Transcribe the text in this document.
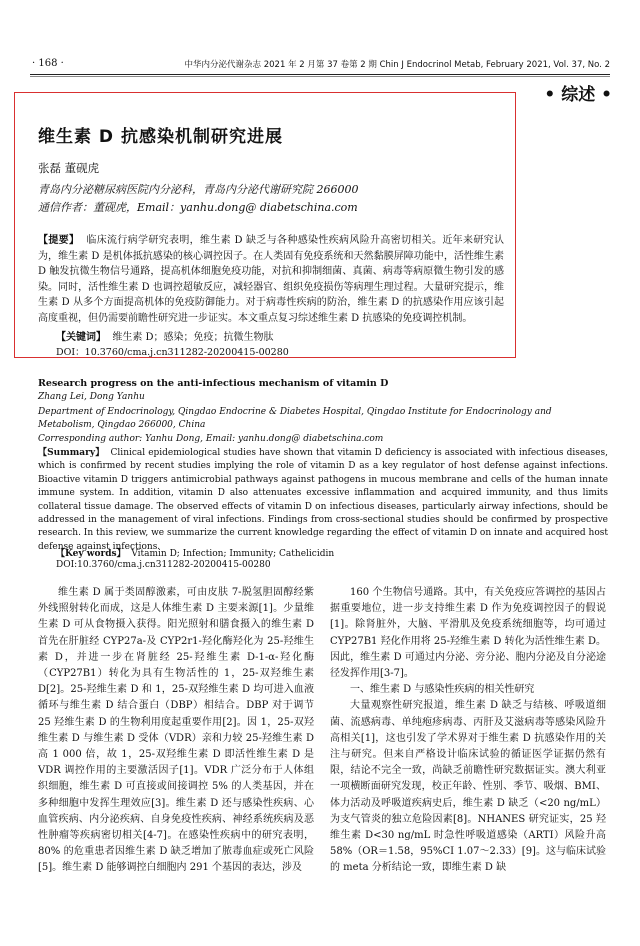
· 168 ·	中华内分泌代谢杂志 2021 年 2 月第 37 卷第 2 期 Chin J Endocrinol Metab, February 2021, Vol. 37, No. 2
• 综述 •
维生素 D 抗感染机制研究进展
张磊 董砚虎
青岛内分泌糖尿病医院内分泌科，青岛内分泌代谢研究院 266000
通信作者：董砚虎，Email：yanhu.dong@ diabetschina.com
【提要】 临床流行病学研究表明，维生素 D 缺乏与各种感染性疾病风险升高密切相关。近年来研究认为，维生素 D 是机体抵抗感染的核心调控因子。在人类固有免疫系统和天然黏膜屏障功能中，活性维生素 D 触发抗微生物信号通路，提高机体细胞免疫功能，对抗和抑制细菌、真菌、病毒等病原微生物引发的感染。同时，活性维生素 D 也调控超敏反应，减轻器官、组织免疫损伤等病理生理过程。大量研究提示，维生素 D 从多个方面提高机体的免疫防御能力。对于病毒性疾病的防治，维生素 D 的抗感染作用应该引起高度重视，但仍需要前瞻性研究进一步证实。本文重点复习综述维生素 D 抗感染的免疫调控机制。
【关键词】 维生素 D；感染；免疫；抗微生物肽
DOI：10.3760/cma.j.cn311282-20200415-00280
Research progress on the anti-infectious mechanism of vitamin D
Zhang Lei, Dong Yanhu
Department of Endocrinology, Qingdao Endocrine & Diabetes Hospital, Qingdao Institute for Endocrinology and Metabolism, Qingdao 266000, China
Corresponding author: Yanhu Dong, Email: yanhu.dong@ diabetschina.com
【Summary】 Clinical epidemiological studies have shown that vitamin D deficiency is associated with infectious diseases, which is confirmed by recent studies implying the role of vitamin D as a key regulator of host defense against infections. Bioactive vitamin D triggers antimicrobial pathways against pathogens in mucous membrane and cells of the human innate immune system. In addition, vitamin D also attenuates excessive inflammation and acquired immunity, and thus limits collateral tissue damage. The observed effects of vitamin D on infectious diseases, particularly airway infections, should be addressed in the management of viral infections. Findings from cross-sectional studies should be confirmed by prospective research. In this review, we summarize the current knowledge regarding the effect of vitamin D on innate and acquired host defense against infections.
【Key words】 Vitamin D; Infection; Immunity; Cathelicidin
DOI:10.3760/cma.j.cn311282-20200415-00280

维生素 D 属于类固醇激素，可由皮肤 7-脱氢胆固醇经紫外线照射转化而成，这是人体维生素 D 主要来源[1]。少量维生素 D 可从食物摄入获得。阳光照射和膳食摄入的维生素 D 首先在肝脏经 CYP27a-及 CYP2r1-羟化酶羟化为 25-羟维生素 D，并进一步在肾脏经 25-羟维生素 D-1-α-羟化酶（CYP27B1）转化为具有生物活性的 1，25-双羟维生素 D[2]。25-羟维生素 D 和 1，25-双羟维生素 D 均可进入血液循环与维生素 D 结合蛋白（DBP）相结合。DBP 对于调节 25 羟维生素 D 的生物利用度起重要作用[2]。因 1，25-双羟维生素 D 与维生素 D 受体（VDR）亲和力较 25-羟维生素 D 高 1 000 倍，故 1，25-双羟维生素 D 即活性维生素 D 是 VDR 调控作用的主要激活因子[1]。VDR 广泛分布于人体组织细胞，维生素 D 可直接或间接调控 5% 的人类基因，并在多种细胞中发挥生理效应[3]。维生素 D 还与感染性疾病、心血管疾病、内分泌疾病、自身免疫性疾病、神经系统疾病及恶性肿瘤等疾病密切相关[4-7]。在感染性疾病中的研究表明，80% 的危重患者因维生素 D 缺乏增加了脓毒血症或死亡风险[5]。维生素 D 能够调控白细胞内 291 个基因的表达，涉及

160 个生物信号通路。其中，有关免疫应答调控的基因占据重要地位，进一步支持维生素 D 作为免疫调控因子的假说[1]。除肾脏外，大脑、平滑肌及免疫系统细胞等，均可通过 CYP27B1 羟化作用将 25-羟维生素 D 转化为活性维生素 D。因此，维生素 D 可通过内分泌、旁分泌、胞内分泌及自分泌途径发挥作用[3-7]。

一、维生素 D 与感染性疾病的相关性研究

大量观察性研究报道，维生素 D 缺乏与结核、呼吸道细菌、流感病毒、单纯疱疹病毒、丙肝及艾滋病毒等感染风险升高相关[1]，这也引发了学术界对于维生素 D 抗感染作用的关注与研究。但来自严格设计临床试验的循证医学证据仍然有限，结论不完全一致，尚缺乏前瞻性研究数据证实。澳大利亚一项横断面研究发现，校正年龄、性别、季节、吸烟、BMI、体力活动及呼吸道疾病史后，维生素 D 缺乏（<20 ng/mL）为支气管炎的独立危险因素[8]。NHANES 研究证实，25 羟维生素 D<30 ng/mL 时急性呼吸道感染（ARTI）风险升高 58%（OR＝1.58，95%CI 1.07～2.33）[9]。这与临床试验的 meta 分析结论一致，即维生素 D 缺
